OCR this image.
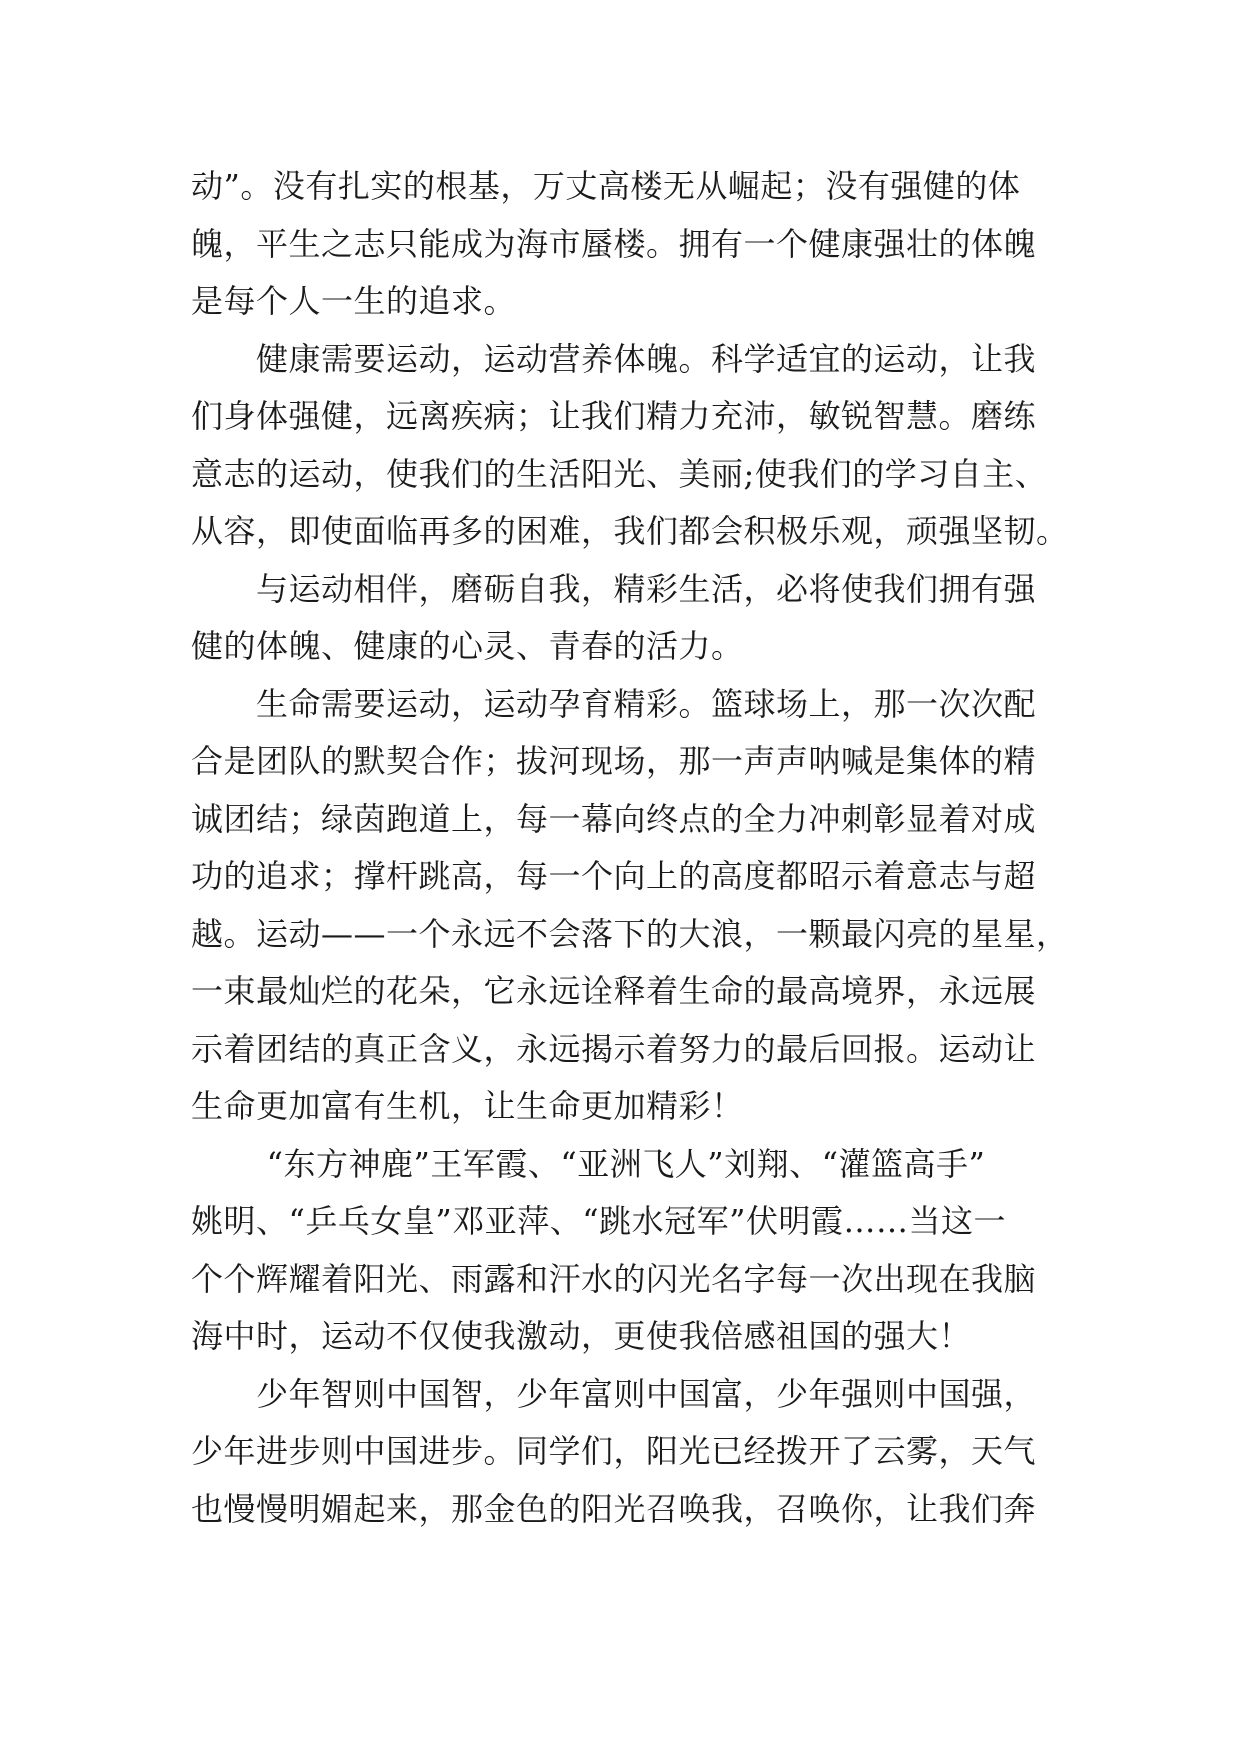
动”。没有扎实的根基，万丈高楼无从崛起；没有强健的体
魄，平生之志只能成为海市蜃楼。拥有一个健康强壮的体魄
是每个人一生的追求。
　　健康需要运动，运动营养体魄。科学适宜的运动，让我
们身体强健，远离疾病；让我们精力充沛，敏锐智慧。磨练
意志的运动，使我们的生活阳光、美丽;使我们的学习自主、
从容，即使面临再多的困难，我们都会积极乐观，顽强坚韧。
　　与运动相伴，磨砺自我，精彩生活，必将使我们拥有强
健的体魄、健康的心灵、青春的活力。
　　生命需要运动，运动孕育精彩。篮球场上，那一次次配
合是团队的默契合作；拔河现场，那一声声呐喊是集体的精
诚团结；绿茵跑道上，每一幕向终点的全力冲刺彰显着对成
功的追求；撑杆跳高，每一个向上的高度都昭示着意志与超
越。运动——一个永远不会落下的大浪，一颗最闪亮的星星，
一束最灿烂的花朵，它永远诠释着生命的最高境界，永远展
示着团结的真正含义，永远揭示着努力的最后回报。运动让
生命更加富有生机，让生命更加精彩！
　　 “东方神鹿”王军霞、“亚洲飞人”刘翔、“灌篮高手”
姚明、“乒乓女皇”邓亚萍、“跳水冠军”伏明霞……当这一
个个辉耀着阳光、雨露和汗水的闪光名字每一次出现在我脑
海中时，运动不仅使我激动，更使我倍感祖国的强大！
　　少年智则中国智，少年富则中国富，少年强则中国强，
少年进步则中国进步。同学们，阳光已经拨开了云雾，天气
也慢慢明媚起来，那金色的阳光召唤我，召唤你，让我们奔
